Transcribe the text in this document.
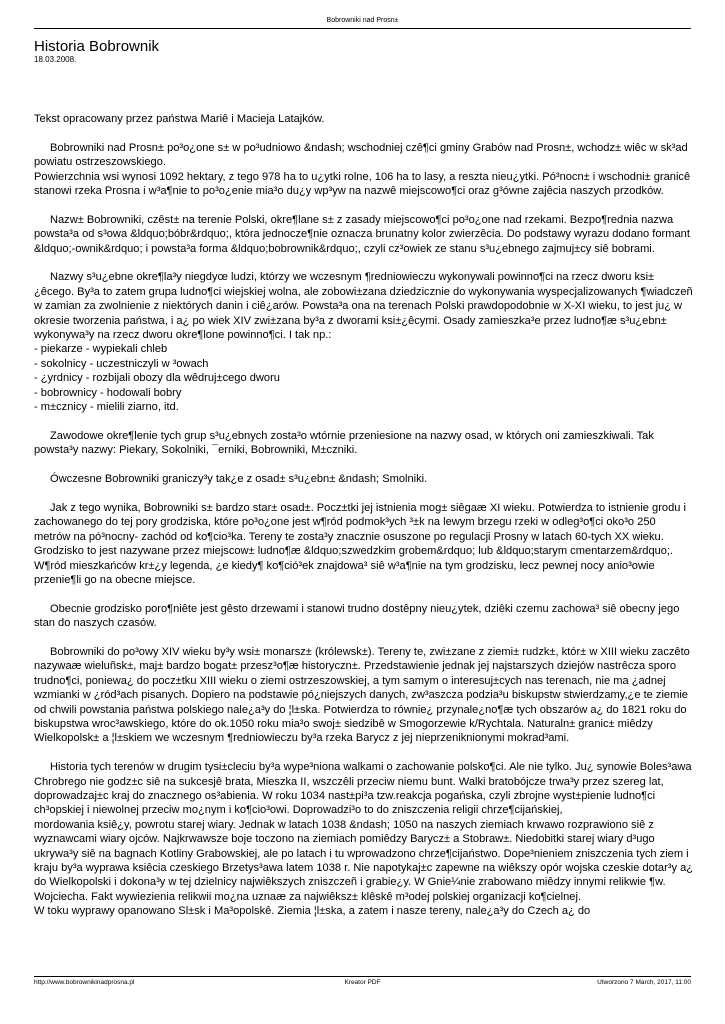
Bobrowniki nad Prosn±
Historia Bobrownik
18.03.2008.

Tekst opracowany przez państwa Mariê i Macieja Latajków.

Bobrowniki nad Prosn± po³o¿one s± w po³udniowo &ndash; wschodniej czê¶ci gminy Grabów nad Prosn±, wchodz± wiêc w sk³ad powiatu ostrzeszowskiego.
Powierzchnia wsi wynosi 1092 hektary, z tego 978 ha to u¿ytki rolne, 106 ha to lasy, a reszta nieu¿ytki. Pó³nocn± i wschodni± granicê stanowi rzeka Prosna i w³a¶nie to po³o¿enie mia³o du¿y wp³yw na nazwê miejscowo¶ci oraz g³ówne zajêcia naszych przodków.

Nazw± Bobrowniki, czêst± na terenie Polski, okre¶lane s± z zasady miejscowo¶ci po³o¿one nad rzekami. Bezpo¶rednia nazwa powsta³a od s³owa &ldquo;bóbr&rdquo;, która jednocze¶nie oznacza brunatny kolor zwierzêcia. Do podstawy wyrazu dodano formant &ldquo;-ownik&rdquo; i powsta³a forma &ldquo;bobrownik&rdquo;, czyli cz³owiek ze stanu s³u¿ebnego zajmuj±cy siê bobrami.

Nazwy s³u¿ebne okre¶la³y niegdyœ ludzi, którzy we wczesnym ¶redniowieczu wykonywali powinno¶ci na rzecz dworu ksi±¿êcego. By³a to zatem grupa ludno¶ci wiejskiej wolna, ale zobowi±zana dziedzicznie do wykonywania wyspecjalizowanych ¶wiadczeñ w zamian za zwolnienie z niektórych danin i ciê¿arów. Powsta³a ona na terenach Polski prawdopodobnie w X-XI wieku, to jest ju¿ w okresie tworzenia państwa, i a¿ po wiek XIV zwi±zana by³a z dworami ksi±¿êcymi. Osady zamieszka³e przez ludno¶æ s³u¿ebn± wykonywa³y na rzecz dworu okre¶lone powinno¶ci. I tak np.:

- piekarze - wypiekali chleb
- sokolnicy - uczestniczyli w ³owach
- ¿yrdnicy - rozbijali obozy dla wêdruj±cego dworu
- bobrownicy - hodowali bobry
- m±cznicy - mielili ziarno, itd.

Zawodowe okre¶lenie tych grup s³u¿ebnych zosta³o wtórnie przeniesione na nazwy osad, w których oni zamieszkiwali. Tak powsta³y nazwy: Piekary, Sokolniki, ¯erniki, Bobrowniki, M±czniki.

Ówczesne Bobrowniki graniczy³y tak¿e z osad± s³u¿ebn± &ndash; Smolniki.

Jak z tego wynika, Bobrowniki s± bardzo star± osad±. Pocz±tki jej istnienia mog± siêgaæ XI wieku. Potwierdza to istnienie grodu i zachowanego do tej pory grodziska, które po³o¿one jest w¶ród podmok³ych ³±k na lewym brzegu rzeki w odleg³o¶ci oko³o 250 metrów na pó³nocny- zachód od ko¶cio³ka. Tereny te zosta³y znacznie osuszone po regulacji Prosny w latach 60-tych XX wieku. Grodzisko to jest nazywane przez miejscow± ludno¶æ &ldquo;szwedzkim grobem&rdquo; lub &ldquo;starym cmentarzem&rdquo;. W¶ród mieszkańców kr±¿y legenda, ¿e kiedy¶ ko¶ció³ek znajdowa³ siê w³a¶nie na tym grodzisku, lecz pewnej nocy anio³owie przenie¶li go na obecne miejsce.

Obecnie grodzisko poro¶niête jest gêsto drzewami i stanowi trudno dostêpny nieu¿ytek, dziêki czemu zachowa³ siê obecny jego stan do naszych czasów.

Bobrowniki do po³owy XIV wieku by³y wsi± monarsz± (królewsk±). Tereny te, zwi±zane z ziemi± rudzk±, któr± w XIII wieku zaczêto nazywaæ wieluñsk±, maj± bardzo bogat± przesz³o¶æ historyczn±. Przedstawienie jednak jej najstarszych dziejów nastrêcza sporo trudno¶ci, poniewa¿ do pocz±tku XIII wieku o ziemi ostrzeszowskiej, a tym samym o interesuj±cych nas terenach, nie ma ¿adnej wzmianki w ¿ród³ach pisanych. Dopiero na podstawie pó¿niejszych danych, zw³aszcza podzia³u biskupstw stwierdzamy,¿e te ziemie od chwili powstania państwa polskiego nale¿a³y do ¦l±ska. Potwierdza to równie¿ przynale¿no¶æ tych obszarów a¿ do 1821 roku do biskupstwa wroc³awskiego, które do ok.1050 roku mia³o swoj± siedzibê w Smogorzewie k/Rychtala. Naturaln± granic± miêdzy Wielkopolsk± a ¦l±skiem we wczesnym ¶redniowieczu by³a rzeka Barycz z jej nieprzeniknionymi mokrad³ami.

Historia tych terenów w drugim tysi±cleciu by³a wype³niona walkami o zachowanie polsko¶ci. Ale nie tylko. Ju¿ synowie Boles³awa Chrobrego nie godz±c siê na sukcesjê brata, Mieszka II, wszczêli przeciw niemu bunt. Walki bratobójcze trwa³y przez szereg lat, doprowadzaj±c kraj do znacznego os³abienia. W roku 1034 nast±pi³a tzw.reakcja pogańska, czyli zbrojne wyst±pienie ludno¶ci ch³opskiej i niewolnej przeciw mo¿nym i ko¶cio³owi. Doprowadzi³o to do zniszczenia religii chrze¶cijańskiej,
mordowania ksiê¿y, powrotu starej wiary. Jednak w latach 1038 &ndash; 1050 na naszych ziemiach krwawo rozprawiono siê z wyznawcami wiary ojców. Najkrwawsze boje toczono na ziemiach pomiêdzy Barycz± a Stobraw±. Niedobitki starej wiary d³ugo ukrywa³y siê na bagnach Kotliny Grabowskiej, ale po latach i tu wprowadzono chrze¶cijaństwo. Dope³nieniem zniszczenia tych ziem i kraju by³a wyprawa ksiêcia czeskiego Brzetys³awa latem 1038 r. Nie napotykaj±c zapewne na wiêkszy opór wojska czeskie dotar³y a¿ do Wielkopolski i dokona³y w tej dzielnicy najwiêkszych zniszczeñ i grabie¿y. W Gnie¼nie zrabowano miêdzy innymi relikwie ¶w. Wojciecha. Fakt wywiezienia relikwii mo¿na uznaæ za najwiêksz± klêskê m³odej polskiej organizacji ko¶cielnej.
W toku wyprawy opanowano Sl±sk i Ma³opolskê. Ziemia ¦l±ska, a zatem i nasze tereny, nale¿a³y do Czech a¿ do

http://www.bobrownikinadprosna.pl	Kreator PDF	Utworzono 7 March, 2017, 11:00
